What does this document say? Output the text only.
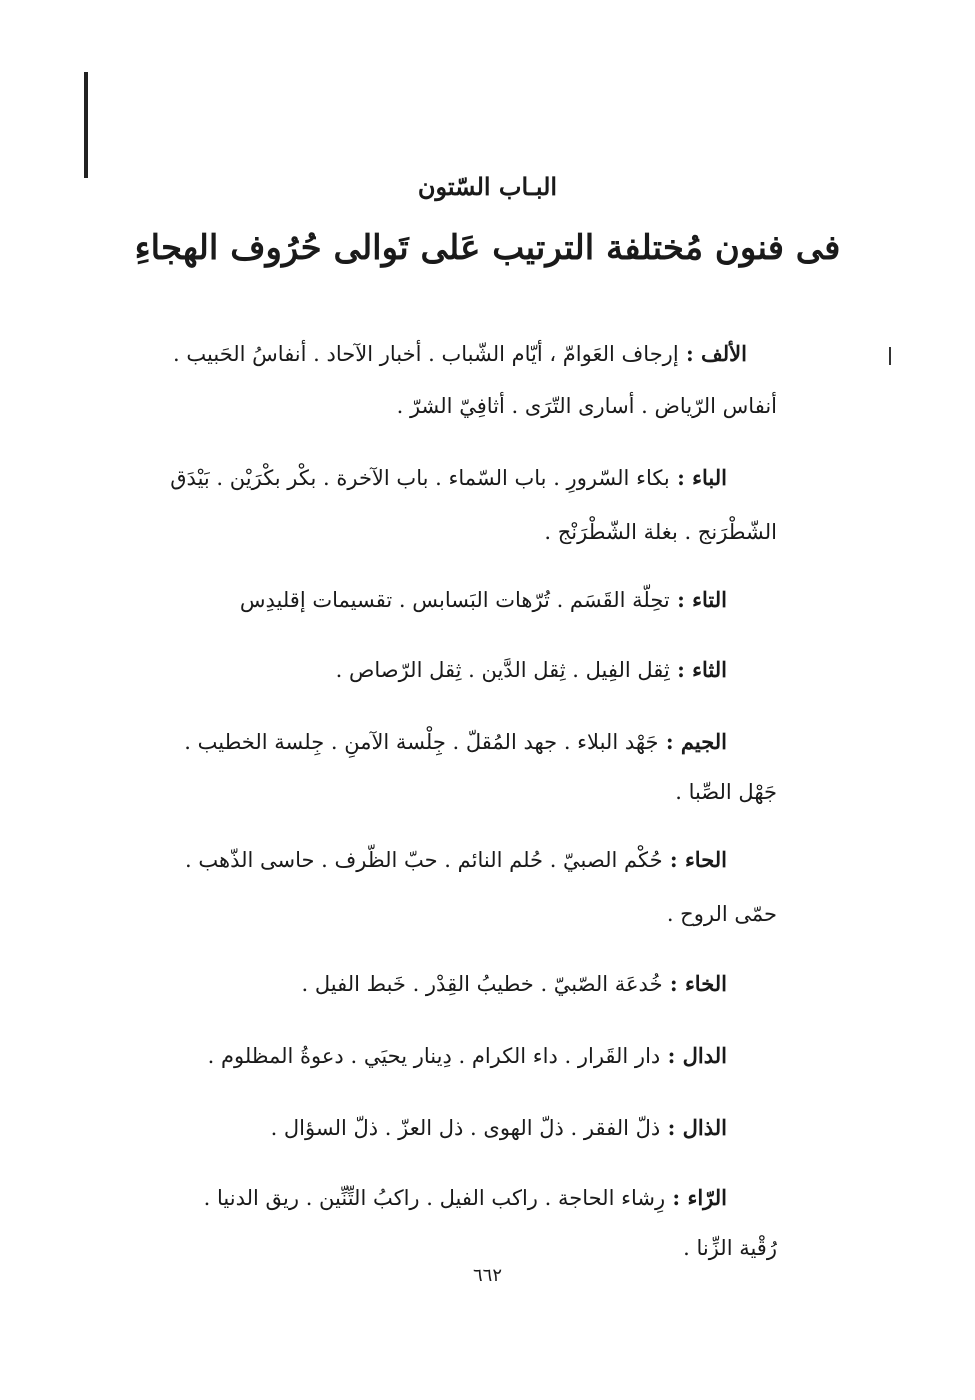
البـاب السّتون
فى فنون مُختلفة الترتيب عَلى تَوالى حُرُوف الهجاءِ
الألف : إرجاف العَوامّ ، أيّام الشّباب . أخبار الآحاد . أنفاسُ الحَبيب .
أنفاس الرّياض . أسارى التّرَى . أثافِيّ الشرّ .
الباء : بكاء السّرورِ . باب السّماء . باب الآخرة . بكْر بكْرَيْن . بَيْدَق
الشّطْرَنج . بغلة الشّطْرَنْج .
التاء : تحِلّة القَسَم . تُرّهات البَسابس . تقسيمات إقليدِس
الثاء : ثِقل الفِيل . ثِقل الدَّين . ثِقل الرّصاص .
الجيم : جَهْد البلاء . جهد المُقلّ . جِلْسة الآمنِ . جِلسة الخطيب .
جَهْل الصِّبا .
الحاء : حُكْم الصبيّ . حُلم النائم . حبّ الظّرف . حاسى الذّهب .
حمّى الروح .
الخاء : خُدعَة الصّبيّ . خطيبُ القِدْر . خَبط الفيل .
الدال : دار القَرار . داء الكرام . دِينار يحيَي . دعوةُ المظلوم .
الذال : ذلّ الفقر . ذلّ الهوى . ذل العزّ . ذلّ السؤال .
الرّاء : رِشاء الحاجة . راكب الفيل . راكبُ التِّنِّين . ريق الدنيا .
رُقْية الزِّنا .
٦٦٢
